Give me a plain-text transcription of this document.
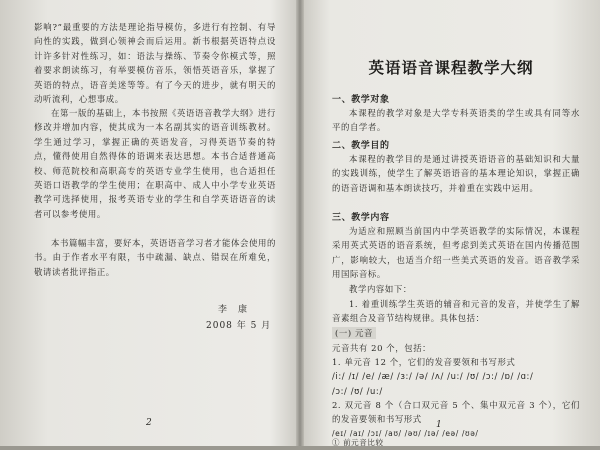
影响?”最重要的方法是理论指导模仿，多进行有控制、有导向性的实践，做到心领神会而后运用。新书根据英语特点设计许多针对性练习，如：语法与操练、节奏令你模式等，照着要求朗读练习，有举要模仿音乐，领悟英语音乐，掌握了英语的特点，语音美迷等等。有了今天的进步，就有明天的动听流利，心想事成。
在第一版的基础上，本书按照《英语语音教学大纲》进行修改并增加内容，使其成为一本名副其实的语音训练教材。学生通过学习，掌握正确的英语发音，习得英语节奏的特点，懂得使用自然得体的语调来表达思想。本书合适普通高校、师范院校和高职高专的英语专业学生使用，也合适担任英语口语教学的学生使用；在职高中、成人中小学专业英语教学可选择使用，报考英语专业的学生和自学英语语音的读者可以参考使用。
本书篇幅丰富，要好本，英语语音学习者才能体会使用的书。由于作者水平有限，书中疏漏、缺点、错误在所难免，敬请读者批评指正。
李　康
2008 年 5 月
2
英语语音课程教学大纲
一、教学对象
本课程的教学对象是大学专科英语类的学生或具有同等水平的自学者。
二、教学目的
本课程的教学目的是通过讲授英语语音的基础知识和大量的实践训练，使学生了解英语语音的基本理论知识，掌握正确的语音语调和基本朗读技巧，并着重在实践中运用。
三、教学内容
为适应和照顾当前国内中学英语教学的实际情况，本课程采用英式英语的语音系统，但考虑到美式英语在国内传播范围广，影响较大，也适当介绍一些美式英语的发音。语音教学采用国际音标。
教学内容如下：
1. 着重训练学生英语的辅音和元音的发音，并使学生了解音素组合及音节结构规律。具体包括：
(一) 元音
元音共有 20 个，包括：
1. 单元音 12 个，它们的发音要领和书写形式
/i:/ /ɪ/ /e/ /æ/ /ɜ:/ /ə/ /ʌ/ /u:/ /ʊ/ /ɔ:/ /ɒ/ /ɑ:/
/ɔ:/ /ʊ/ /u:/
2. 双元音 8 个（合口双元音 5 个、集中双元音 3 个），它们的发音要领和书写形式
/eɪ/ /aɪ/ /ɔɪ/ /aʊ/ /əʊ/ /ɪə/ /eə/ /ʊə/
① 前元音比较
1
